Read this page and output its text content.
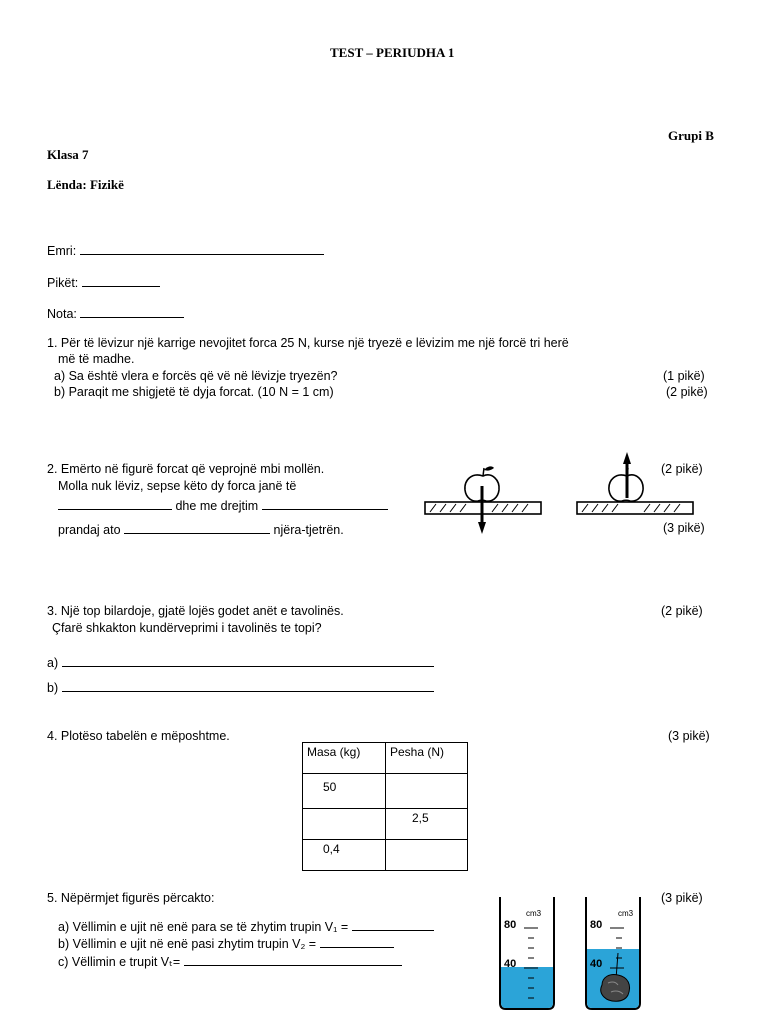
TEST – PERIUDHA 1
Grupi B
Klasa 7
Lënda: Fizikë
Emri:
Pikët:
Nota:
1. Për të lëvizur një karrige nevojitet forca 25 N, kurse një tryezë e lëvizim me një forcë tri herë
më të madhe.
a) Sa është vlera e forcës që vë në lëvizje tryezën?	(1 pikë)
b) Paraqit me shigjetë të dyja forcat. (10 N = 1 cm)	(2 pikë)
2. Emërto në figurë forcat që veprojnë mbi mollën.	(2 pikë)
Molla nuk lëviz, sepse këto dy forca janë të
dhe me drejtim
prandaj ato	njëra-tjetrën.	(3 pikë)
3. Një top bilardoje, gjatë lojës godet anët e tavolinës.	(2 pikë)
Çfarë shkakton kundërveprimi i tavolinës te topi?
a)
b)
4. Plotëso tabelën e mëposhtme.	(3 pikë)
Masa (kg)	Pesha (N)
50	
	2,5
0,4	
5. Nëpërmjet figurës përcakto:	(3 pikë)
a) Vëllimin e ujit në enë para se të zhytim trupin V₁ =
b) Vëllimin e ujit në enë pasi zhytim trupin V₂ =
c) Vëllimin e trupit Vₜ=
cm3
80
40
cm3
80
40
